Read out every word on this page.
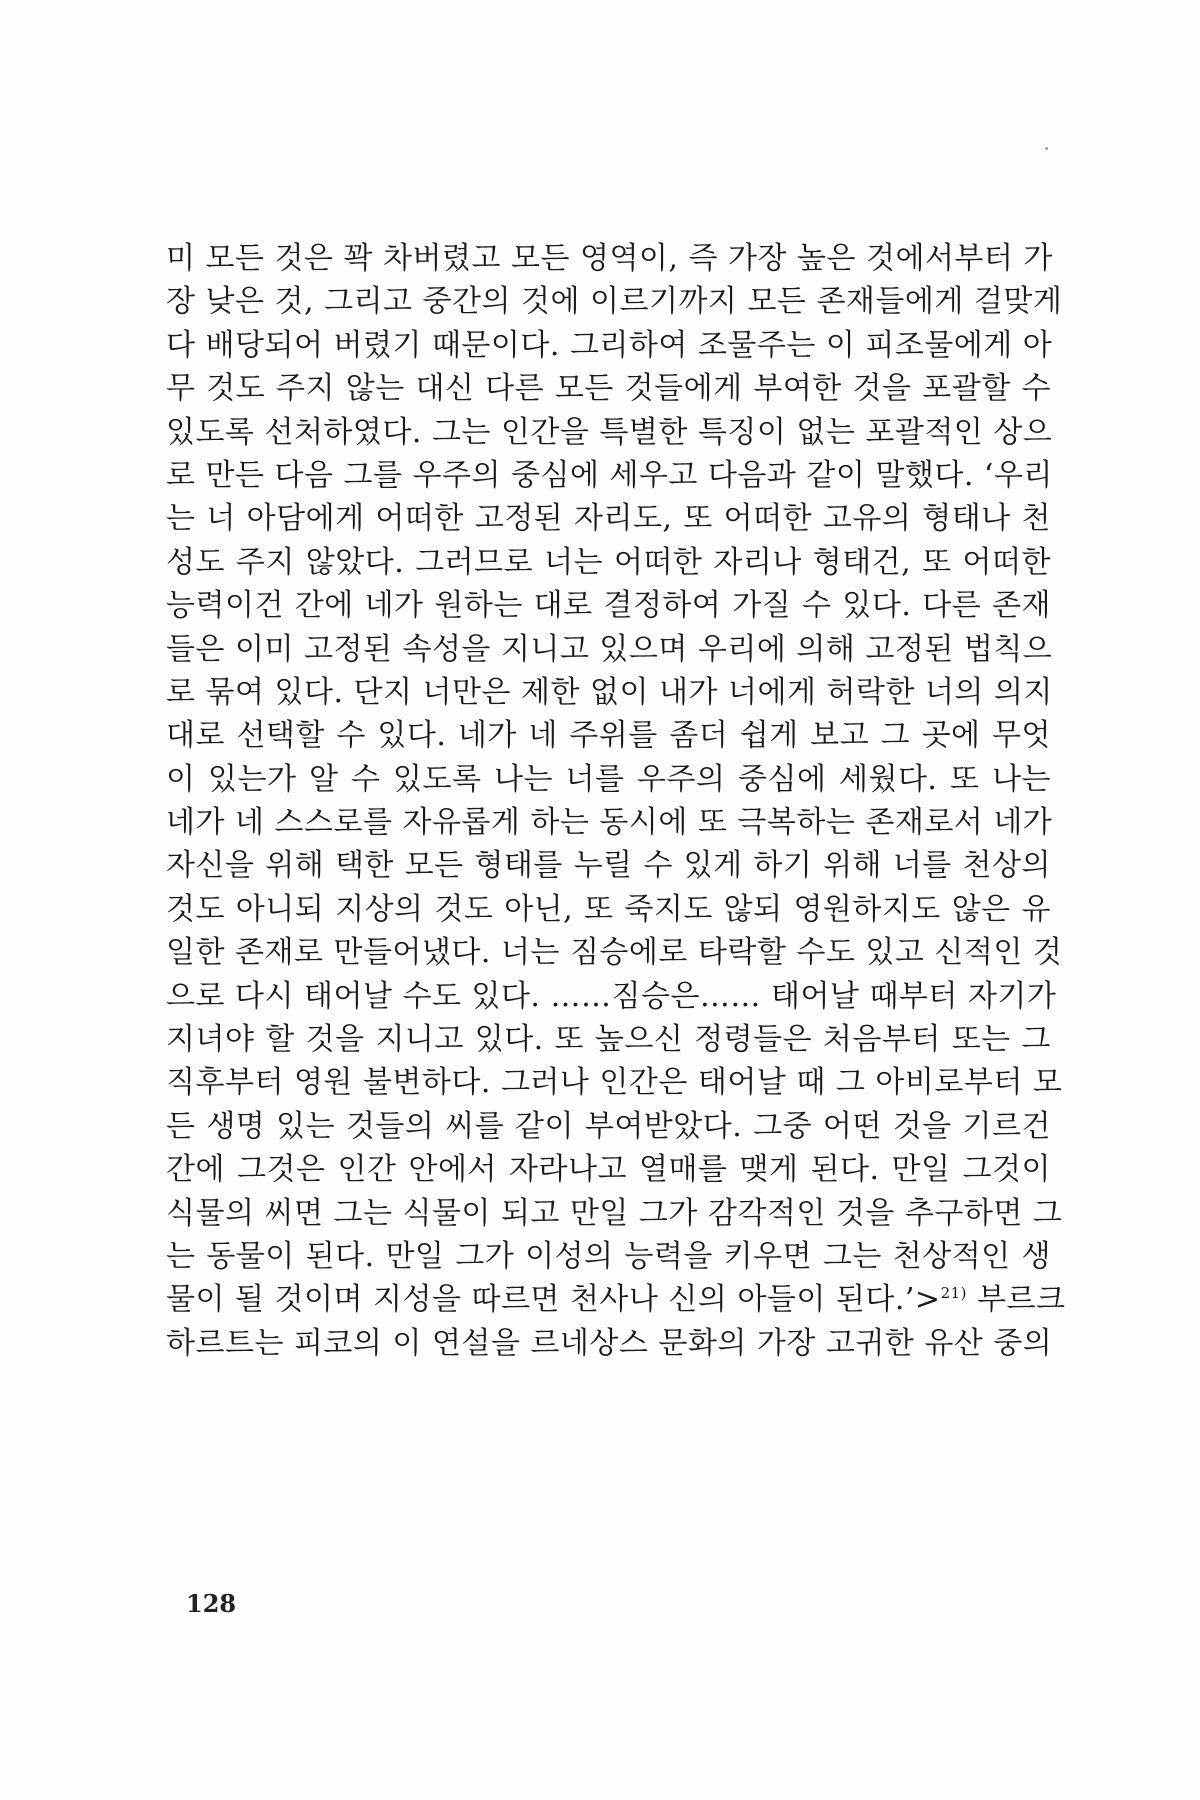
미 모든 것은 꽉 차버렸고 모든 영역이, 즉 가장 높은 것에서부터 가
장 낮은 것, 그리고 중간의 것에 이르기까지 모든 존재들에게 걸맞게
다 배당되어 버렸기 때문이다. 그리하여 조물주는 이 피조물에게 아
무 것도 주지 않는 대신 다른 모든 것들에게 부여한 것을 포괄할 수
있도록 선처하였다. 그는 인간을 특별한 특징이 없는 포괄적인 상으
로 만든 다음 그를 우주의 중심에 세우고 다음과 같이 말했다. ‘우리
는 너 아담에게 어떠한 고정된 자리도, 또 어떠한 고유의 형태나 천
성도 주지 않았다. 그러므로 너는 어떠한 자리나 형태건, 또 어떠한
능력이건 간에 네가 원하는 대로 결정하여 가질 수 있다. 다른 존재
들은 이미 고정된 속성을 지니고 있으며 우리에 의해 고정된 법칙으
로 묶여 있다. 단지 너만은 제한 없이 내가 너에게 허락한 너의 의지
대로 선택할 수 있다. 네가 네 주위를 좀더 쉽게 보고 그 곳에 무엇
이 있는가 알 수 있도록 나는 너를 우주의 중심에 세웠다. 또 나는
네가 네 스스로를 자유롭게 하는 동시에 또 극복하는 존재로서 네가
자신을 위해 택한 모든 형태를 누릴 수 있게 하기 위해 너를 천상의
것도 아니되 지상의 것도 아닌, 또 죽지도 않되 영원하지도 않은 유
일한 존재로 만들어냈다. 너는 짐승에로 타락할 수도 있고 신적인 것
으로 다시 태어날 수도 있다. ……짐승은…… 태어날 때부터 자기가
지녀야 할 것을 지니고 있다. 또 높으신 정령들은 처음부터 또는 그
직후부터 영원 불변하다. 그러나 인간은 태어날 때 그 아비로부터 모
든 생명 있는 것들의 씨를 같이 부여받았다. 그중 어떤 것을 기르건
간에 그것은 인간 안에서 자라나고 열매를 맺게 된다. 만일 그것이
식물의 씨면 그는 식물이 되고 만일 그가 감각적인 것을 추구하면 그
는 동물이 된다. 만일 그가 이성의 능력을 키우면 그는 천상적인 생
물이 될 것이며 지성을 따르면 천사나 신의 아들이 된다.’>$^{21)}$ 부르크
하르트는 피코의 이 연설을 르네상스 문화의 가장 고귀한 유산 중의
128
